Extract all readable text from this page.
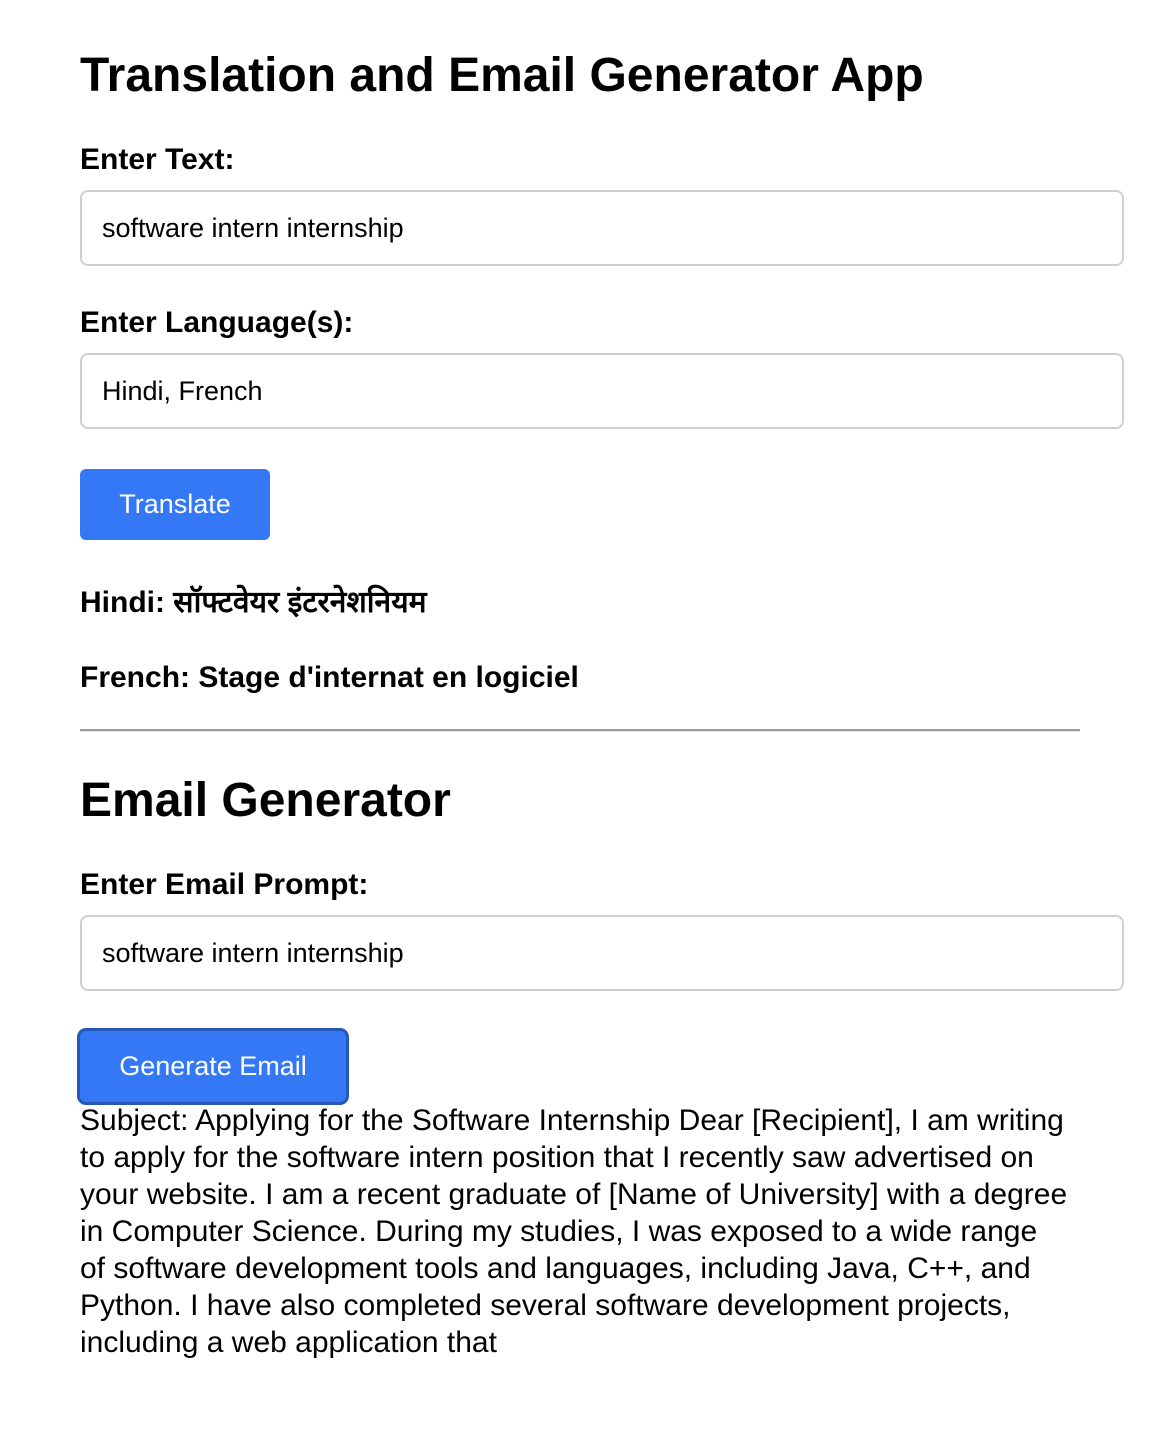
Translation and Email Generator App
Enter Text:
software intern internship
Enter Language(s):
Hindi, French
Translate
Hindi: सॉफ्टवेयर इंटरनेशनियम
French: Stage d'internat en logiciel
Email Generator
Enter Email Prompt:
software intern internship
Generate Email

Subject: Applying for the Software Internship Dear [Recipient], I am writing to apply for the software intern position that I recently saw advertised on your website. I am a recent graduate of [Name of University] with a degree in Computer Science. During my studies, I was exposed to a wide range of software development tools and languages, including Java, C++, and Python. I have also completed several software development projects, including a web application that
